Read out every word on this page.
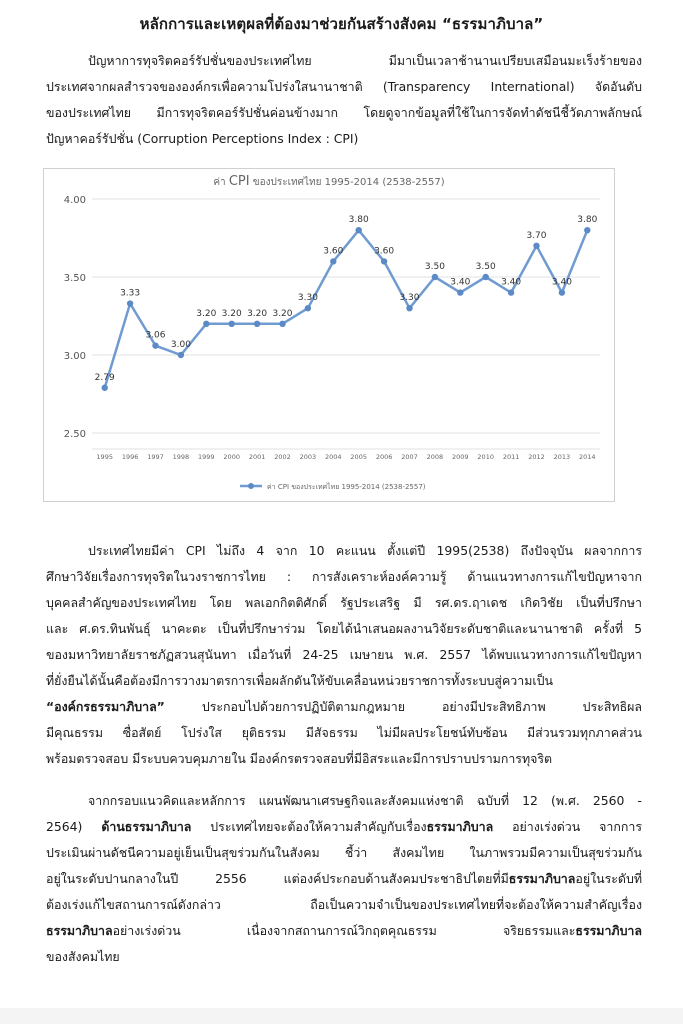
หลักการและเหตุผลที่ต้องมาช่วยกันสร้างสังคม “ธรรมาภิบาล”
ปัญหาการทุจริตคอร์รัปชั่นของประเทศไทย มีมาเป็นเวลาช้านานเปรียบเสมือนมะเร็งร้ายของ
ประเทศจากผลสำรวจขององค์กรเพื่อความโปร่งใสนานาชาติ (Transparency International) จัดอันดับ
ของประเทศไทย มีการทุจริตคอร์รัปชั่นค่อนข้างมาก โดยดูจากข้อมูลที่ใช้ในการจัดทำดัชนีชี้วัดภาพลักษณ์
ปัญหาคอร์รัปชั่น (Corruption Perceptions Index : CPI)
ค่า CPI ของประเทศไทย 1995-2014 (2538-2557)
2.50
3.00
3.50
4.00
1995 1996 1997 1998 1999 2000 2001 2002 2003 2004 2005 2006 2007 2008 2009 2010 2011 2012 2013 2014
2.79
3.33
3.06
3.00
3.20 3.20 3.20 3.20
3.30
3.60
3.80
3.60
3.30
3.50
3.40
3.50
3.40
3.70
3.40
3.80
ค่า CPI ของประเทศไทย 1995-2014 (2538-2557)
ประเทศไทยมีค่า CPI ไม่ถึง 4 จาก 10 คะแนน ตั้งแต่ปี 1995(2538) ถึงปัจจุบัน ผลจากการ
ศึกษาวิจัยเรื่องการทุจริตในวงราชการไทย : การสังเคราะห์องค์ความรู้ ด้านแนวทางการแก้ไขปัญหาจาก
บุคคลสำคัญของประเทศไทย โดย พลเอกกิตติศักดิ์ รัฐประเสริฐ มี รศ.ดร.ฤาเดช เกิดวิชัย เป็นที่ปรึกษา
และ ศ.ดร.ทินพันธุ์ นาคะตะ เป็นที่ปรึกษาร่วม โดยได้นำเสนอผลงานวิจัยระดับชาติและนานาชาติ ครั้งที่ 5
ของมหาวิทยาลัยราชภัฏสวนสุนันทา เมื่อวันที่ 24-25 เมษายน พ.ศ. 2557 ได้พบแนวทางการแก้ไขปัญหา
ที่ยั่งยืนได้นั้นคือต้องมีการวางมาตรการเพื่อผลักดันให้ขับเคลื่อนหน่วยราชการทั้งระบบสู่ความเป็น
“องค์กรธรรมาภิบาล” ประกอบไปด้วยการปฏิบัติตามกฎหมาย อย่างมีประสิทธิภาพ ประสิทธิผล
มีคุณธรรม ซื่อสัตย์ โปร่งใส ยุติธรรม มีสัจธรรม ไม่มีผลประโยชน์ทับซ้อน มีส่วนรวมทุกภาคส่วน
พร้อมตรวจสอบ มีระบบควบคุมภายใน มีองค์กรตรวจสอบที่มีอิสระและมีการปราบปรามการทุจริต
จากกรอบแนวคิดและหลักการ แผนพัฒนาเศรษฐกิจและสังคมแห่งชาติ ฉบับที่ 12 (พ.ศ. 2560 -
2564) ด้านธรรมาภิบาล ประเทศไทยจะต้องให้ความสำคัญกับเรื่องธรรมาภิบาล อย่างเร่งด่วน จากการ
ประเมินผ่านดัชนีความอยู่เย็นเป็นสุขร่วมกันในสังคม ชี้ว่า สังคมไทย ในภาพรวมมีความเป็นสุขร่วมกัน
อยู่ในระดับปานกลางในปี 2556 แต่องค์ประกอบด้านสังคมประชาธิปไตยที่มีธรรมาภิบาลอยู่ในระดับที่
ต้องเร่งแก้ไขสถานการณ์ดังกล่าว ถือเป็นความจำเป็นของประเทศไทยที่จะต้องให้ความสำคัญเรื่อง
ธรรมาภิบาลอย่างเร่งด่วน เนื่องจากสถานการณ์วิกฤตคุณธรรม จริยธรรมและธรรมาภิบาล
ของสังคมไทย
